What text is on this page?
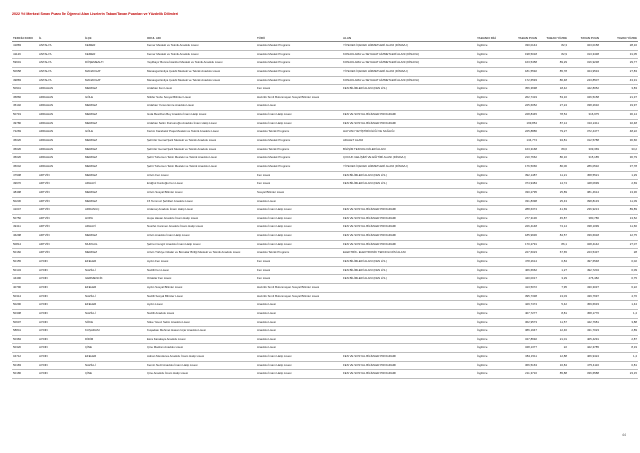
2022 Yıl Merkezi Sınav Puanı İle Öğrenci Alan Liselerin Taban/Tavan Puanları ve Yüzdelik Dilimleri
TERCİH KODU	İL	İLÇE	OKUL ADI	TÜRÜ	ALAN	YABANCI DİLİ	TABAN PUAN	TABAN YÜZDE	TAVAN PUAN	TAVAN YÜZDE
41883	ANTALYA	KEMER	Kemer Mesleki ve Teknik Anadolu Lisesi	Anadolu Meslek Programı	YİYECEK İÇECEK HİZMETLERİ ALANI (DİNAVLI)	İngilizce	330,0144	82,3	323,0158	28,16
41126	ANTALYA	KEMER	Kemer Mesleki ve Teknik Anadolu Lisesi	Anadolu Meslek Programı	KONAKLAMA ve SEYAHAT HİZMETLERİ ALANI (DİNAVLI)	İngilizce	198,5018	82,9	313,3438	31,05
59601	ANTALYA	DÖŞEMEALTI	Yeşilbayır Bonna İstanbul Mesleki ve Teknik Anadolu Lisesi	Anadolu Meslek Programı	KONAKLAMA ve SEYAHAT HİZMETLERİ ALANI (DİNAVLI)	İngilizce	163,5458	89,29	316,9238	29,77
50658	ANTALYA	MANAVGAT	Manavgat Evliya Çelebi Mesleki ve Teknik Anadolu Lisesi	Anadolu Meslek Programı	YİYECEK İÇECEK HİZMETLERİ ALANI (DİNAVLI)	İngilizce	181,5592	85,78	324,9534	27,83
49883	ANTALYA	MANAVGAT	Manavgat Evliya Çelebi Mesleki ve Teknik Anadolu Lisesi	Anadolu Meslek Programı	KONAKLAMA ve SEYAHAT HİZMETLERİ ALANI (DİNAVLI)	İngilizce	172,6593	86,48	243,8507	43,31
50941	ARDAHAN	MERKEZ	Ardahan Fen Lisesi	Fen Lisesi	FEN BİLİMLERİ ALANI (FEN LİS.)	İngilizce	356,3698	18,42	442,8052	3,83
45866	ARDAHAN	GÖLE	Nilüfer Sobu Sosyal Bilimler Lisesi	Hazırlık Sınıfı Bulunmayan Sosyal Bilimler Lisesi		İngilizce	262,7419	53,16	346,5158	21,37
45102	ARDAHAN	MERKEZ	Ardahan Yunus Emre Anadolu Lisesi	Anadolu Lisesi		İngilizce	225,6052	27,24	338,2632	19,97
50719	ARDAHAN	MERKEZ	Gıda Besirhan Bey Anadolu İmam Hatip Lisesi	Anadolu İmam Hatip Lisesi	FEN VE SOSYAL BİLİMLER PROGRAMI	İngilizce	228,8445	78,54	316,975	30,14
49780	ARDAHAN	MERKEZ	Ardahan Selim Dursunoğlu Anadolu İmam Hatip Lisesi	Anadolu İmam Hatip Lisesi	FEN VE SOSYAL BİLİMLER PROGRAMI	İngilizce	199,854	87,14	310,2411	32,48
72269	ARDAHAN	GÖLE	Kazım Karabekir Paşa Mesleki ve Teknik Anadolu Lisesi	Anadolu Teknik Programı	HAYVAN YETİŞTİRİCİLİĞİ VE SAĞLIĞI	İngilizce	225,8886	79,27	372,4477	48,22
45026	ARDAHAN	MERKEZ	Şehit Er Gemal Şarlı Mesleki ve Teknik Anadolu Lisesi	Anadolu Meslek Programı	ADALET ALANI	İngilizce	134,774	94,81	312,5788	30,66
45026	ARDAHAN	MERKEZ	Şehit Er Gemal Şarlı Mesleki ve Teknik Anadolu Lisesi	Anadolu Teknik Programı	BİLİŞİM TEKNOLOJİLERİ ALANI	İngilizce	163,3168	89,6	309,369	33,2
45026	ARDAHAN	MERKEZ	Şehit Tuhemen Tekin Mesleki ve Teknik Anadolu Lisesi	Anadolu Meslek Programı	ÇOCUK GELİŞİMİ VE EĞİTİMİ ALANI (DİNAVLI)	İngilizce	210,7662	86,16	315,185	30,79
45042	ARDAHAN	MERKEZ	Şehit Tuhemen Tekin Mesleki ve Teknik Anadolu Lisesi	Anadolu Meslek Programı	YİYECEK İÇECEK HİZMETLERİ ALANI (DİNAVLI)	İngilizce	176,5066	86,06	286,0532	37,78
47908	ARTVİN	MERKEZ	Artvin Fen Lisesi	Fen Lisesi	FEN BİLİMLERİ ALANI (FEN LİS.)	İngilizce	392,1487	11,21	458,5521	1,29
49670	ARTVİN	ARHAVİ	Erdğrul Kurdoğlu Fen Lisesi	Fen Lisesi	FEN BİLİMLERİ ALANI (FEN LİS.)	İngilizce	374,9484	14,74	448,0699	2,69
48498	ARTVİN	MERKEZ	Artvin Sosyal Bilimler Lisesi	Sosyal Bilimler Lisesi		İngilizce	330,2795	25,89	381,4614	13,36
50230	ARTVİN	MERKEZ	15 Temmuz Şehitleri Anadolu Lisesi	Anadolu Lisesi		İngilizce	331,8398	25,43	398,8133	11,09
41047	ARTVİN	ARDANUÇ	Ardanuç Anadolu İmam Hatip Lisesi	Anadolu İmam Hatip Lisesi	FEN VE SOSYAL BİLİMLER PROGRAMI	İngilizce	288,6374	41,69	236,9213	89,89
50750	ARTVİN	HOPA	Hopa Hasan Anadolu İmam Hatip Lisesi	Anadolu İmam Hatip Lisesi	FEN VE SOSYAL BİLİMLER PROGRAMI	İngilizce	277,3136	45,87	380,786	13,52
49411	ARTVİN	ARHAVİ	Nusrfet Canmen Anadolu İmam Hatip Lisesi	Anadolu İmam Hatip Lisesi	FEN VE SOSYAL BİLİMLER PROGRAMI	İngilizce	226,4148	74,14	338,1099	11,66
46298	ARTVİN	MERKEZ	Artvin Anadolu İmam Hatip Lisesi	Anadolu İmam Hatip Lisesi	FEN VE SOSYAL BİLİMLER PROGRAMI	İngilizce	185,9936	84,57	339,6918	12,75
50814	ARTVİN	MURGUL	Şehret Cengiz Anadolu İmam Hatip Lisesi	Anadolu İmam Hatip Lisesi	FEN VE SOSYAL BİLİMLER PROGRAMI	İngilizce	170,2791	86,1	328,4142	27,07
50160	ARTVİN	MERKEZ	Artvin Türkiye Odalar ve Borsalar Birliği Mesleki ve Teknik Anadolu Lisesi	Anadolu Teknik Programı	ELEKTRİK- ELEKTRONİK TEKNOLOJİSİ ALANI	İngilizce	227,6023	67,65	223,5437	28
50155	AYDIN	EFELER	Aydın Fen Lisesi	Fen Lisesi	FEN BİLİMLERİ ALANI (FEN LİS.)	İngilizce	478,2614	0,84	497,6548	0,02
50134	AYDIN	NAZİLLİ	Nazilli Fen Lisesi	Fen Lisesi	FEN BİLİMLERİ ALANI (FEN LİS.)	İngilizce	466,6662	1,27	492,7204	0,09
44490	AYDIN	GERMENCİK	Ortaklar Fen Lisesi	Fen Lisesi	FEN BİLİMLERİ ALANI (FEN LİS.)	İngilizce	440,0017	3,29	476,482	0,75
40790	AYDIN	EFELER	Aydın Sosyal Bilimler Lisesi	Hazırlık Sınıfı Bulunmayan Sosyal Bilimler Lisesi		İngilizce	413,5072	7,95	430,3037	6,22
50314	AYDIN	NAZİLLİ	Nazilli Sosyal Bilimler Lisesi	Hazırlık Sınıfı Bulunmayan Sosyal Bilimler Lisesi		İngilizce	395,7338	13,03	439,7697	4,76
50290	AYDIN	EFELER	Aydın Lisesi	Anadolu Lisesi		İngilizce	429,7474	5,42	459,6633	1,44
50308	AYDIN	NAZİLLİ	Nazilli Anadolu Lisesi	Anadolu Lisesi		İngilizce	407,7277	8,81	458,1776	1,4
50607	AYDIN	SÖKE	Söke Yavuz Selim Anadolu Lisesi	Anadolu Lisesi		İngilizce	362,9573	11,57	442,7681	3,88
58841	AYDIN	KUŞADASI	Kuşadası Mehmet Hasan Uçar Anadolu Lisesi	Anadolu Lisesi		İngilizce	386,1947	12,46	431,7023	2,89
50384	AYDIN	DİDİM	Esra Karakaya Anadolu Lisesi	Anadolu Lisesi		İngilizce	347,8692	21,01	405,4291	2,87
50320	AYDIN	ÇİNE	Çine Madran Anadolu Lisesi	Anadolu Lisesi		İngilizce	348,1377	22	422,3785	8,19
04712	AYDIN	EFELER	Adnan Menderes Anadolu İmam Hatip Lisesi	Anadolu İmam Hatip Lisesi	FEN VE SOSYAL BİLİMLER PROGRAMI	İngilizce	384,1511	12,88	466,9424	1,4
50183	AYDIN	NAZİLLİ	Kemin Nezil Anadolu İmam Hatip Lisesi	Anadolu İmam Hatip Lisesi	FEN VE SOSYAL BİLİMLER PROGRAMI	İngilizce	366,5163	16,84	475,4116	0,81
50186	AYDIN	ÇİNE	Çine Anadolu İmam Hatip Lisesi	Anadolu İmam Hatip Lisesi	FEN VE SOSYAL BİLİMLER PROGRAMI	İngilizce	211,3716	85,88	336,6588	23,15
44
